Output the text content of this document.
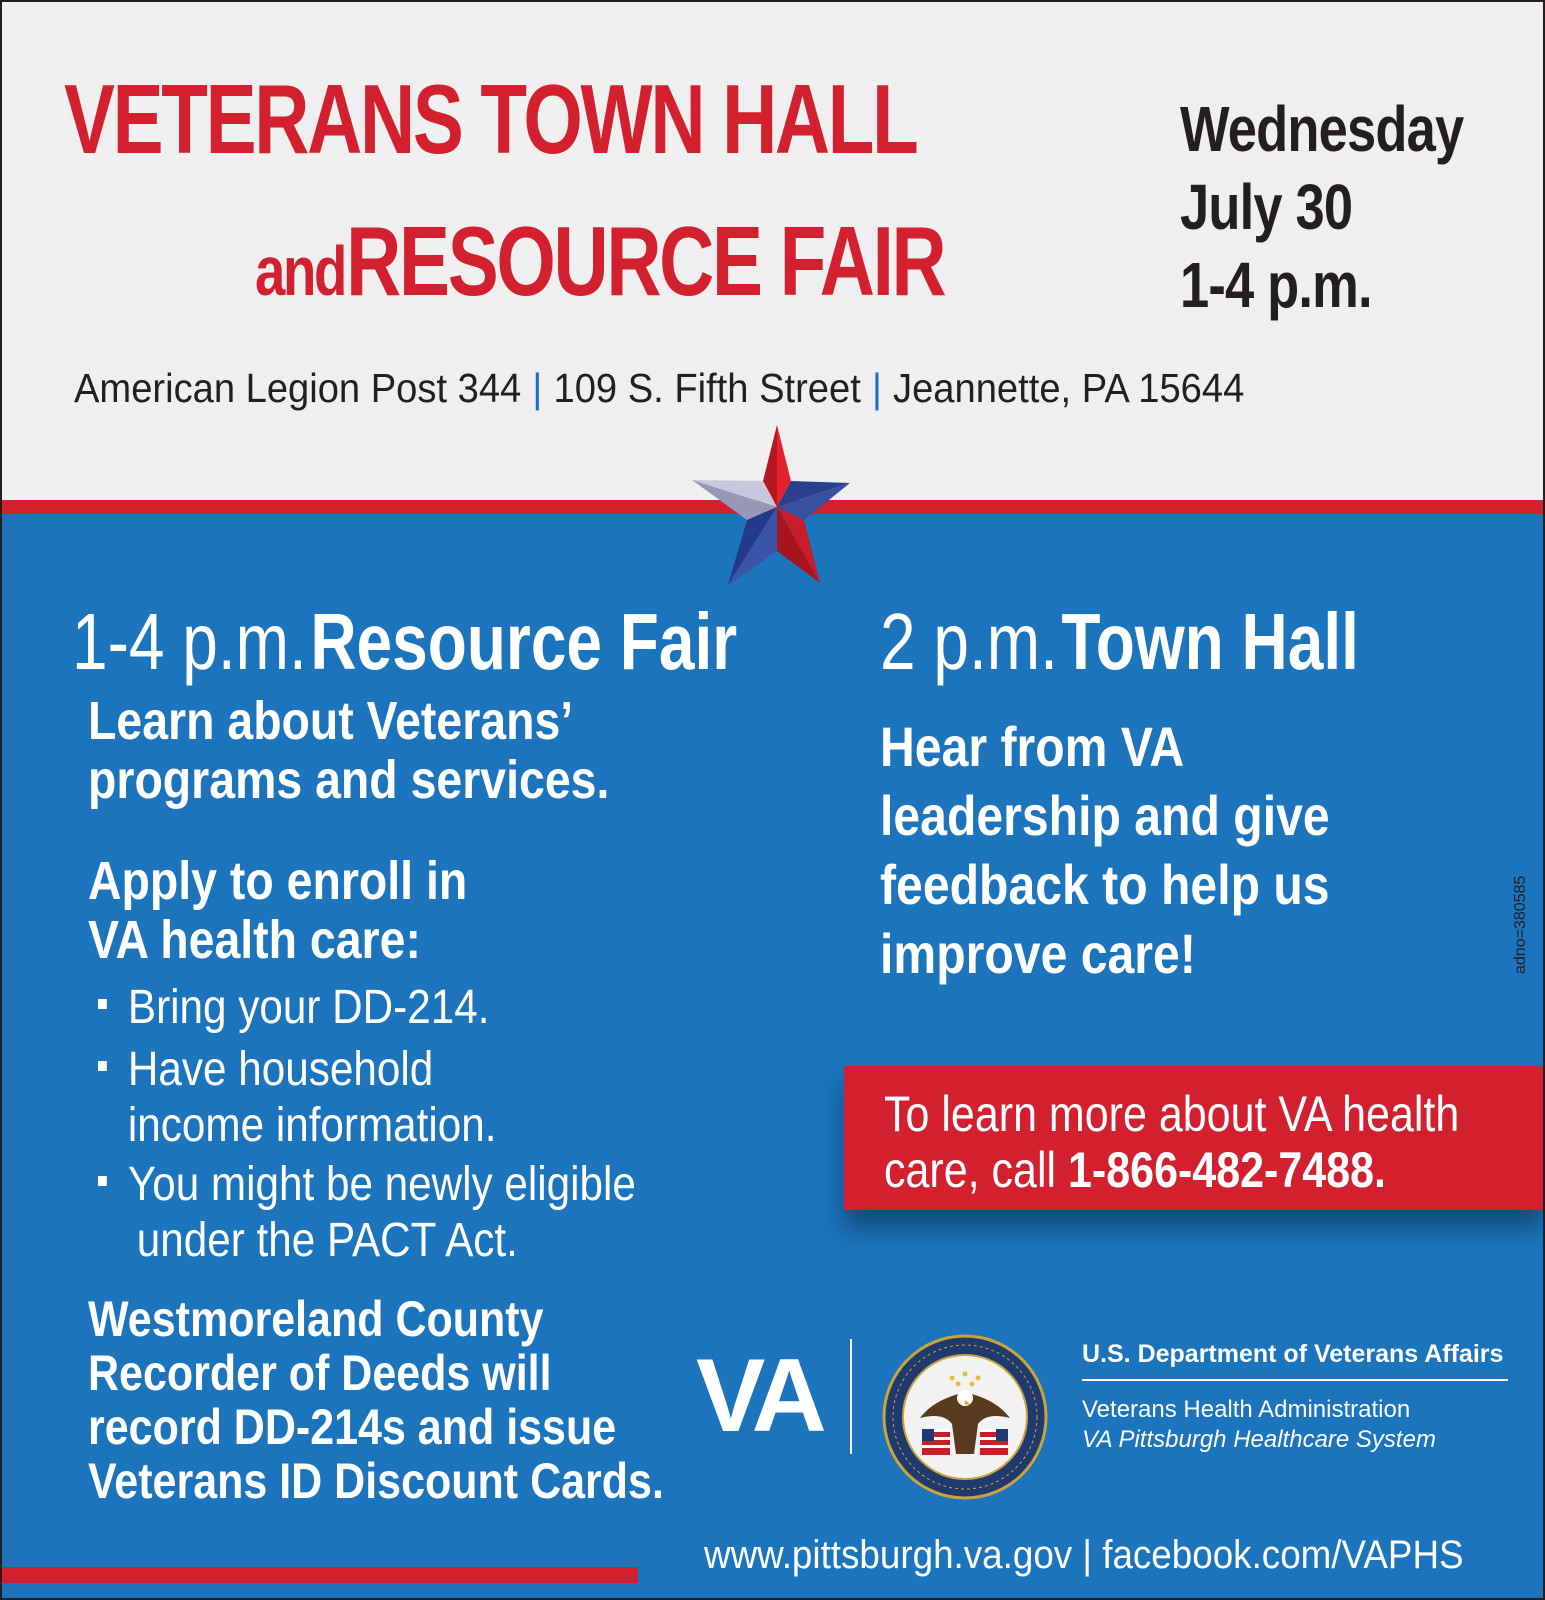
VETERANS TOWN HALL
and RESOURCE FAIR
Wednesday
July 30
1-4 p.m.
American Legion Post 344 | 109 S. Fifth Street | Jeannette, PA 15644
1-4 p.m. Resource Fair 2 p.m. Town Hall
Learn about Veterans’
programs and services.
Apply to enroll in
VA health care:
Bring your DD-214.
Have household
income information.
You might be newly eligible
under the PACT Act.
Westmoreland County
Recorder of Deeds will
record DD-214s and issue
Veterans ID Discount Cards.
Hear from VA
leadership and give
feedback to help us
improve care!
To learn more about VA health
care, call 1-866-482-7488.
adno=380585
VA	U.S. Department of Veterans Affairs
Veterans Health Administration
VA Pittsburgh Healthcare System
www.pittsburgh.va.gov | facebook.com/VAPHS
